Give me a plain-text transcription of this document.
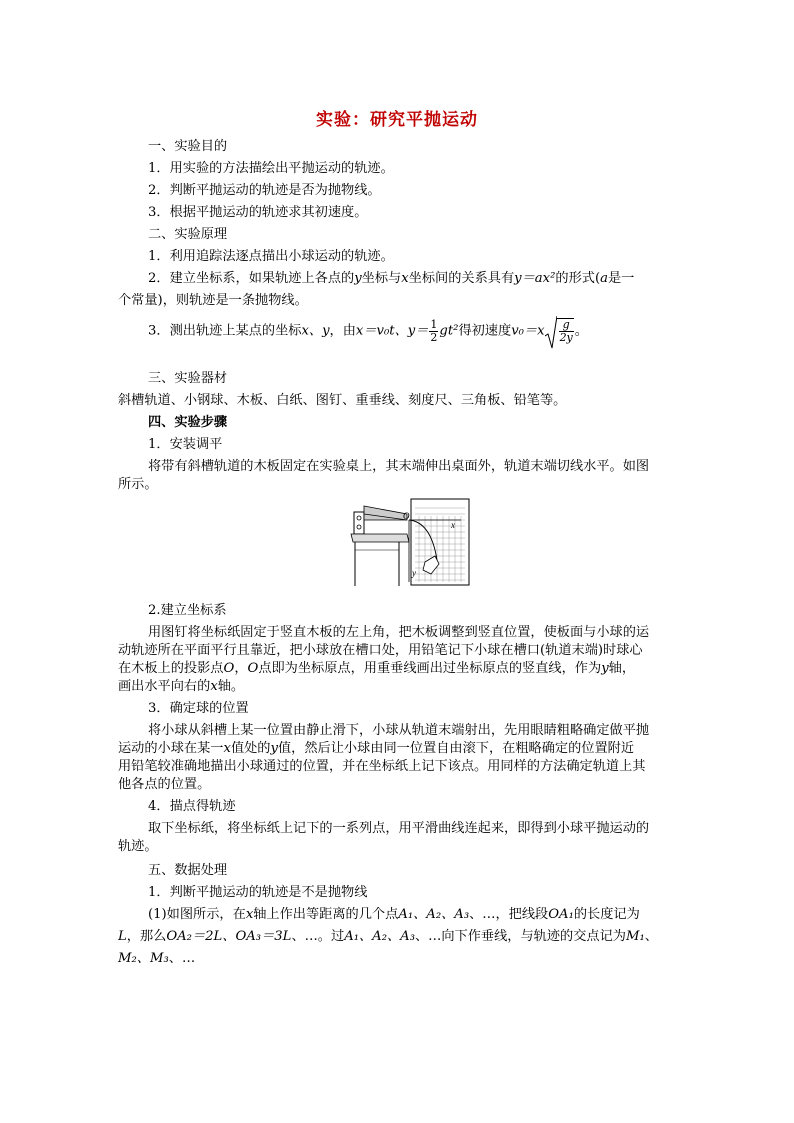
实验：研究平抛运动
一、实验目的
1．用实验的方法描绘出平抛运动的轨迹。
2．判断平抛运动的轨迹是否为抛物线。
3．根据平抛运动的轨迹求其初速度。
二、实验原理
1．利用追踪法逐点描出小球运动的轨迹。
2．建立坐标系，如果轨迹上各点的y坐标与x坐标间的关系具有y＝ax²的形式(a是一
个常量)，则轨迹是一条抛物线。
3．测出轨迹上某点的坐标x、y，由x＝v₀t、$y= \frac{1}{2} gt^2$得初速度$v_0=x \frac{g}{2y}$ 。
三、实验器材
斜槽轨道、小钢球、木板、白纸、图钉、重垂线、刻度尺、三角板、铅笔等。
四、实验步骤
1．安装调平
将带有斜槽轨道的木板固定在实验桌上，其末端伸出桌面外，轨道末端切线水平。如图
所示。
O
x
y
2.建立坐标系
用图钉将坐标纸固定于竖直木板的左上角，把木板调整到竖直位置，使板面与小球的运
动轨迹所在平面平行且靠近，把小球放在槽口处，用铅笔记下小球在槽口(轨道末端)时球心
在木板上的投影点O，O点即为坐标原点，用重垂线画出过坐标原点的竖直线，作为y轴，
画出水平向右的x轴。
3．确定球的位置
将小球从斜槽上某一位置由静止滑下，小球从轨道末端射出，先用眼睛粗略确定做平抛
运动的小球在某一x值处的y值，然后让小球由同一位置自由滚下，在粗略确定的位置附近
用铅笔较准确地描出小球通过的位置，并在坐标纸上记下该点。用同样的方法确定轨道上其
他各点的位置。
4．描点得轨迹
取下坐标纸，将坐标纸上记下的一系列点，用平滑曲线连起来，即得到小球平抛运动的
轨迹。
五、数据处理
1．判断平抛运动的轨迹是不是抛物线
(1)如图所示，在x轴上作出等距离的几个点A₁、A₂、A₃、…，把线段OA₁的长度记为
L，那么OA₂＝2L、OA₃＝3L、…。过A₁、A₂、A₃、…向下作垂线，与轨迹的交点记为M₁、
M₂、M₃、…
